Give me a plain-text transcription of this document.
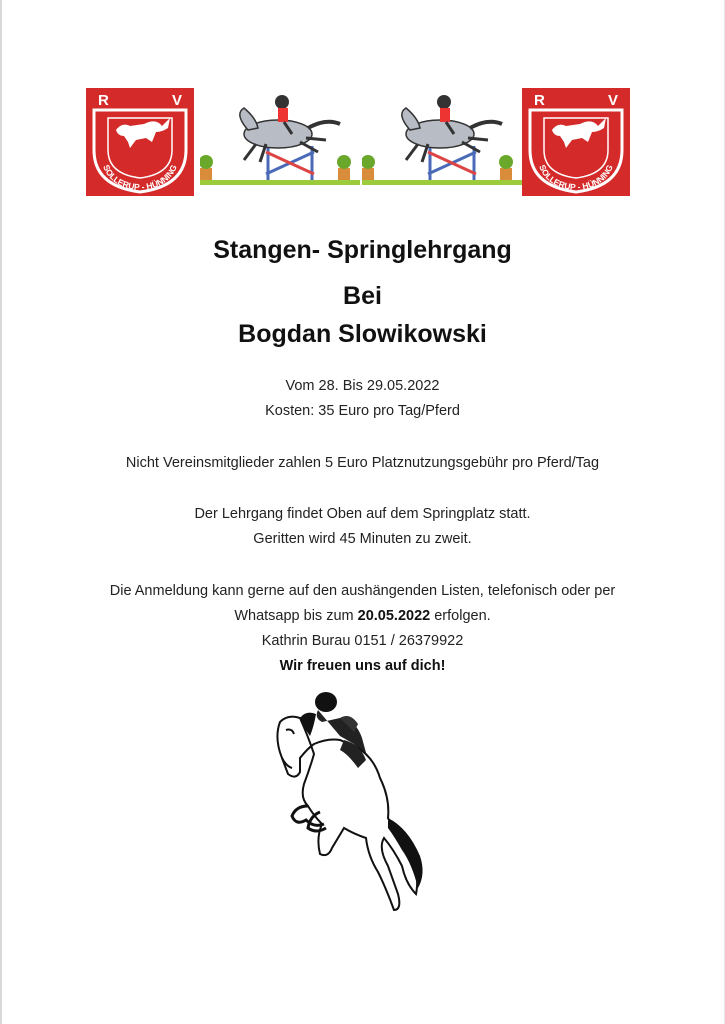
R	V
SOLLERUP - HÜNNING
R	V
SOLLERUP - HÜNNING
Stangen- Springlehrgang
Bei
Bogdan Slowikowski
Vom 28. Bis 29.05.2022
Kosten: 35 Euro pro Tag/Pferd
Nicht Vereinsmitglieder zahlen 5 Euro Platznutzungsgebühr pro Pferd/Tag
Der Lehrgang findet Oben auf dem Springplatz statt.
Geritten wird 45 Minuten zu zweit.
Die Anmeldung kann gerne auf den aushängenden Listen, telefonisch oder per
Whatsapp bis zum 20.05.2022 erfolgen.
Kathrin Burau 0151 / 26379922
Wir freuen uns auf dich!
